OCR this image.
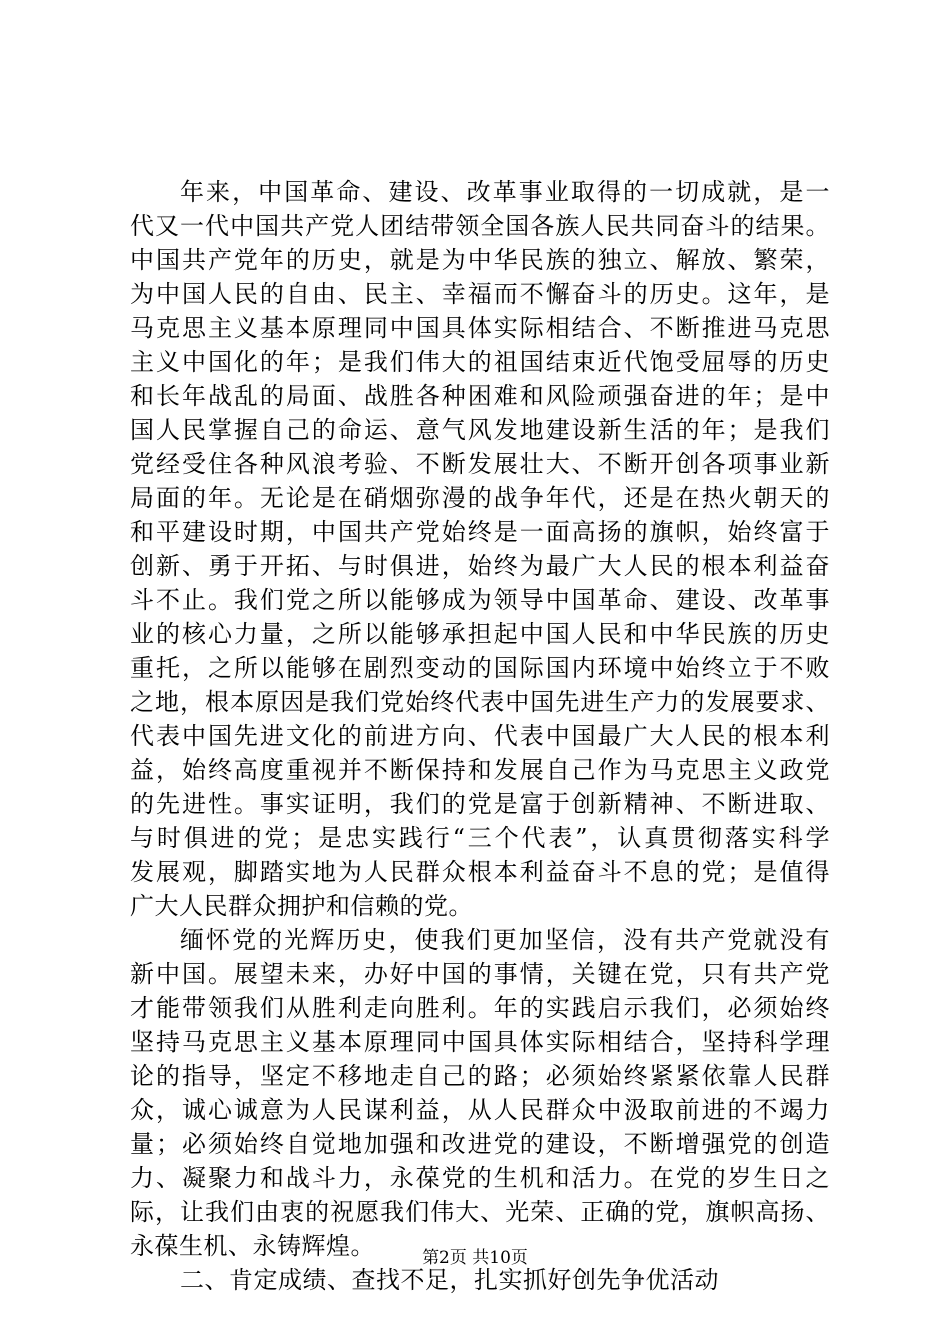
年来，中国革命、建设、改革事业取得的一切成就，是一
代又一代中国共产党人团结带领全国各族人民共同奋斗的结果。
中国共产党年的历史，就是为中华民族的独立、解放、繁荣，
为中国人民的自由、民主、幸福而不懈奋斗的历史。这年，是
马克思主义基本原理同中国具体实际相结合、不断推进马克思
主义中国化的年；是我们伟大的祖国结束近代饱受屈辱的历史
和长年战乱的局面、战胜各种困难和风险顽强奋进的年；是中
国人民掌握自己的命运、意气风发地建设新生活的年；是我们
党经受住各种风浪考验、不断发展壮大、不断开创各项事业新
局面的年。无论是在硝烟弥漫的战争年代，还是在热火朝天的
和平建设时期，中国共产党始终是一面高扬的旗帜，始终富于
创新、勇于开拓、与时俱进，始终为最广大人民的根本利益奋
斗不止。我们党之所以能够成为领导中国革命、建设、改革事
业的核心力量，之所以能够承担起中国人民和中华民族的历史
重托，之所以能够在剧烈变动的国际国内环境中始终立于不败
之地，根本原因是我们党始终代表中国先进生产力的发展要求、
代表中国先进文化的前进方向、代表中国最广大人民的根本利
益，始终高度重视并不断保持和发展自己作为马克思主义政党
的先进性。事实证明，我们的党是富于创新精神、不断进取、
与时俱进的党；是忠实践行“三个代表”，认真贯彻落实科学
发展观，脚踏实地为人民群众根本利益奋斗不息的党；是值得
广大人民群众拥护和信赖的党。
缅怀党的光辉历史，使我们更加坚信，没有共产党就没有
新中国。展望未来，办好中国的事情，关键在党，只有共产党
才能带领我们从胜利走向胜利。年的实践启示我们，必须始终
坚持马克思主义基本原理同中国具体实际相结合，坚持科学理
论的指导，坚定不移地走自己的路；必须始终紧紧依靠人民群
众，诚心诚意为人民谋利益，从人民群众中汲取前进的不竭力
量；必须始终自觉地加强和改进党的建设，不断增强党的创造
力、凝聚力和战斗力，永葆党的生机和活力。在党的岁生日之
际，让我们由衷的祝愿我们伟大、光荣、正确的党，旗帜高扬、
永葆生机、永铸辉煌。
二、肯定成绩、查找不足，扎实抓好创先争优活动
第2页 共10页
